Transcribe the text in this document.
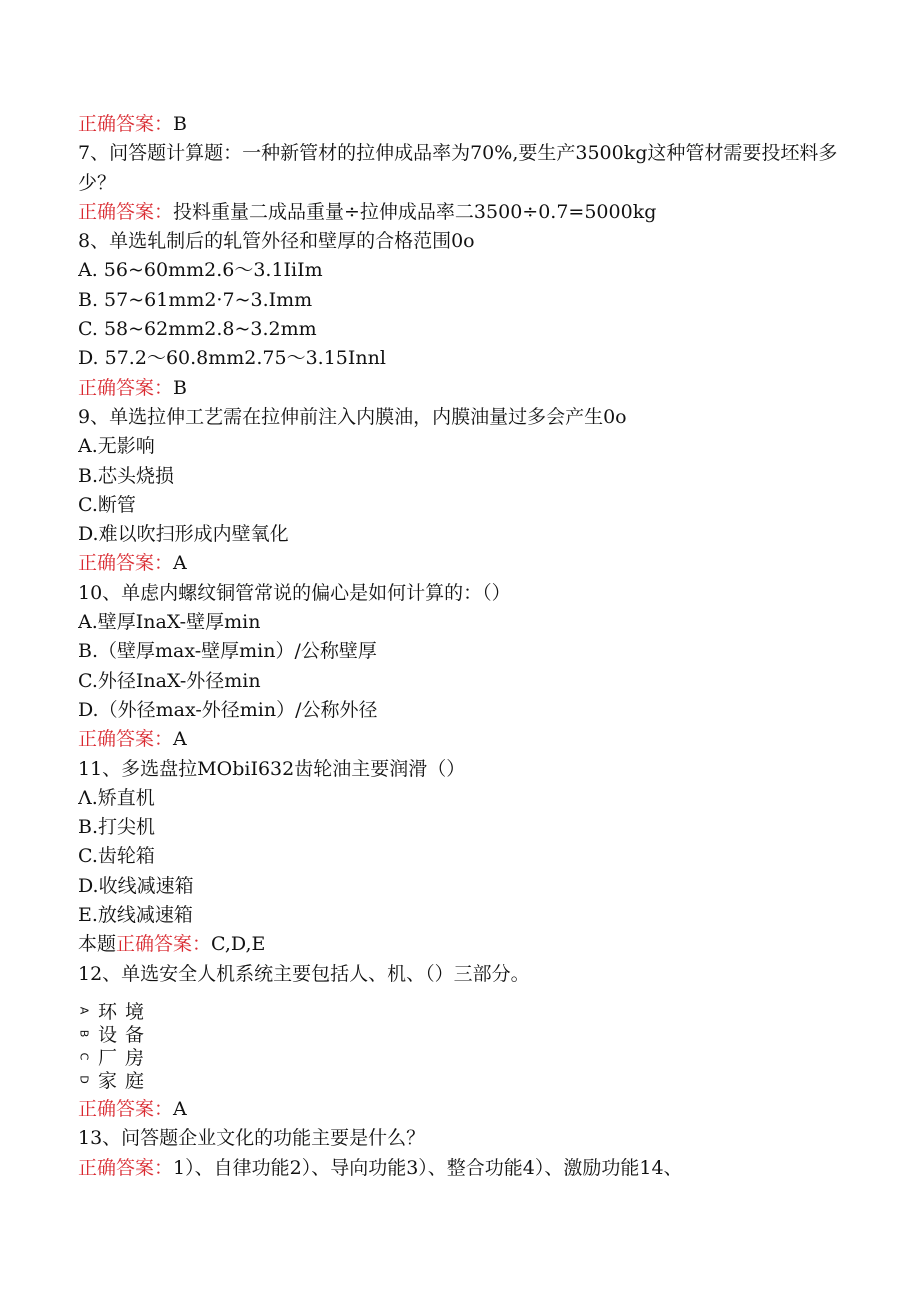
正确答案：B
7、问答题计算题：一种新管材的拉伸成品率为70%,要生产3500kg这种管材需要投坯料多少？
正确答案：投料重量二成品重量÷拉伸成品率二3500÷0.7=5000kg
8、单选轧制后的轧管外径和壁厚的合格范围0o
A. 56~60mm2.6～3.1IiIm
B. 57~61mm2·7~3.Imm
C. 58~62mm2.8~3.2mm
D. 57.2～60.8mm2.75～3.15Innl
正确答案：B
9、单选拉伸工艺需在拉伸前注入内膜油，内膜油量过多会产生0o
A.无影响
B.芯头烧损
C.断管
D.难以吹扫形成内壁氧化
正确答案：A
10、单虑内螺纹铜管常说的偏心是如何计算的：（）
A.壁厚InaX-壁厚min
B.（壁厚max-壁厚min）/公称壁厚
C.外径InaX-外径min
D.（外径max-外径min）/公称外径
正确答案：A
11、多选盘拉MObiI632齿轮油主要润滑（）
Λ.矫直机
B.打尖机
C.齿轮箱
D.收线减速箱
E.放线减速箱
本题正确答案：C,D,E
12、单选安全人机系统主要包括人、机、（）三部分。
A 环境
B 设备
C 厂房
D 家庭
正确答案：A
13、问答题企业文化的功能主要是什么？
正确答案：1）、自律功能2）、导向功能3）、整合功能4）、激励功能14、
